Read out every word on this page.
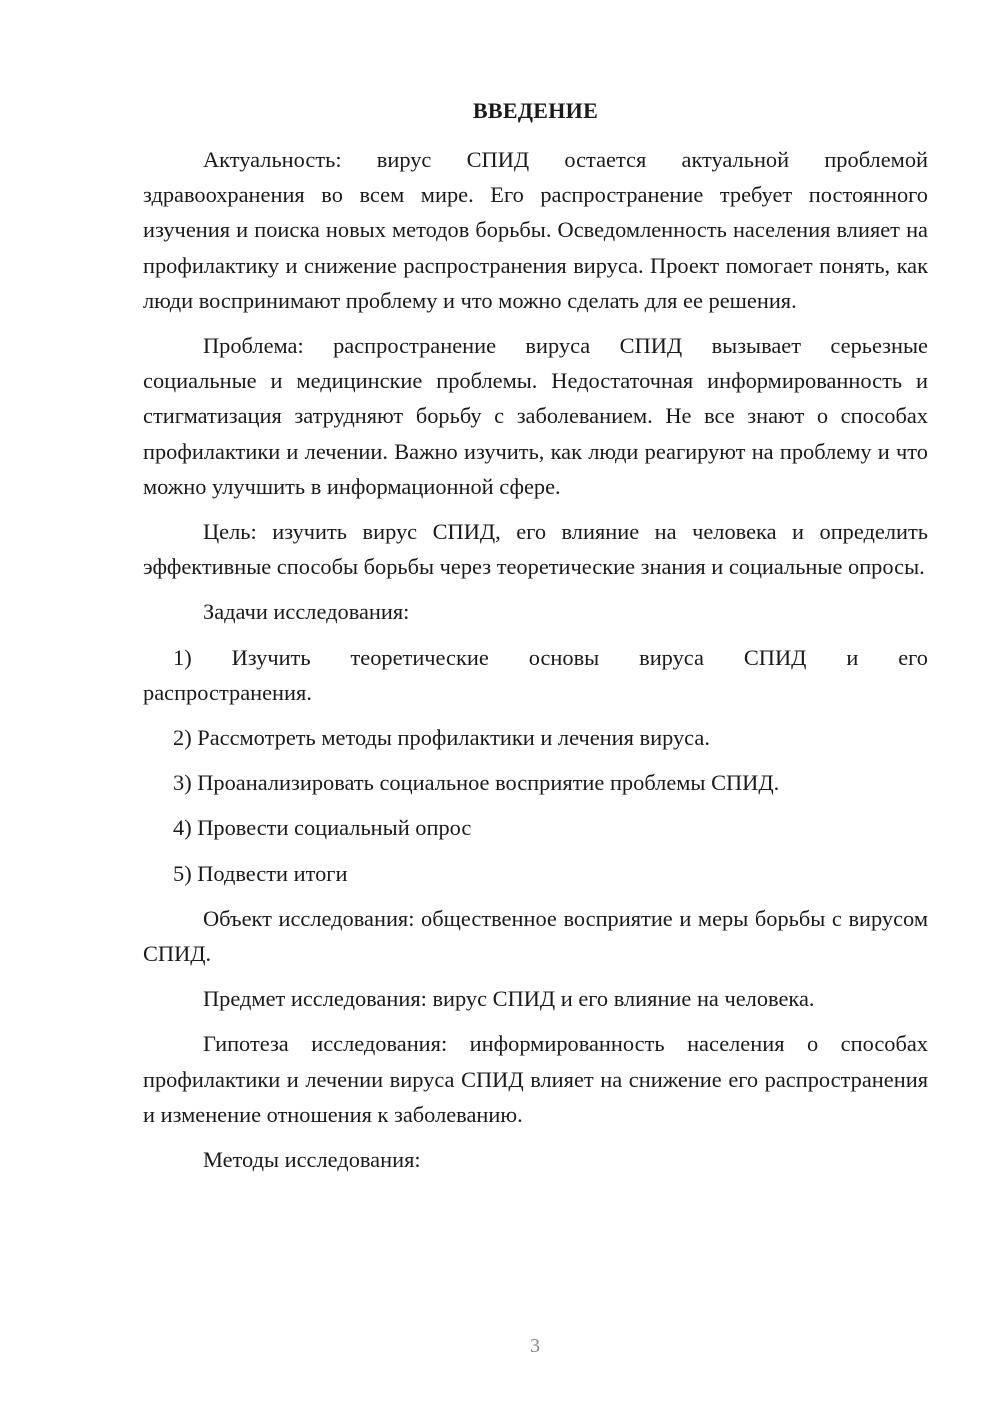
ВВЕДЕНИЕ

Актуальность: вирус СПИД остается актуальной проблемой здравоохранения во всем мире. Его распространение требует постоянного изучения и поиска новых методов борьбы. Осведомленность населения влияет на профилактику и снижение распространения вируса. Проект помогает понять, как люди воспринимают проблему и что можно сделать для ее решения.

Проблема: распространение вируса СПИД вызывает серьезные социальные и медицинские проблемы. Недостаточная информированность и стигматизация затрудняют борьбу с заболеванием. Не все знают о способах профилактики и лечении. Важно изучить, как люди реагируют на проблему и что можно улучшить в информационной сфере.

Цель: изучить вирус СПИД, его влияние на человека и определить эффективные способы борьбы через теоретические знания и социальные опросы.

Задачи исследования:

1) Изучить теоретические основы вируса СПИД и его распространения.

2) Рассмотреть методы профилактики и лечения вируса.

3) Проанализировать социальное восприятие проблемы СПИД.

4) Провести социальный опрос

5) Подвести итоги

Объект исследования: общественное восприятие и меры борьбы с вирусом СПИД.

Предмет исследования: вирус СПИД и его влияние на человека.

Гипотеза исследования: информированность населения о способах профилактики и лечении вируса СПИД влияет на снижение его распространения и изменение отношения к заболеванию.

Методы исследования:

3
